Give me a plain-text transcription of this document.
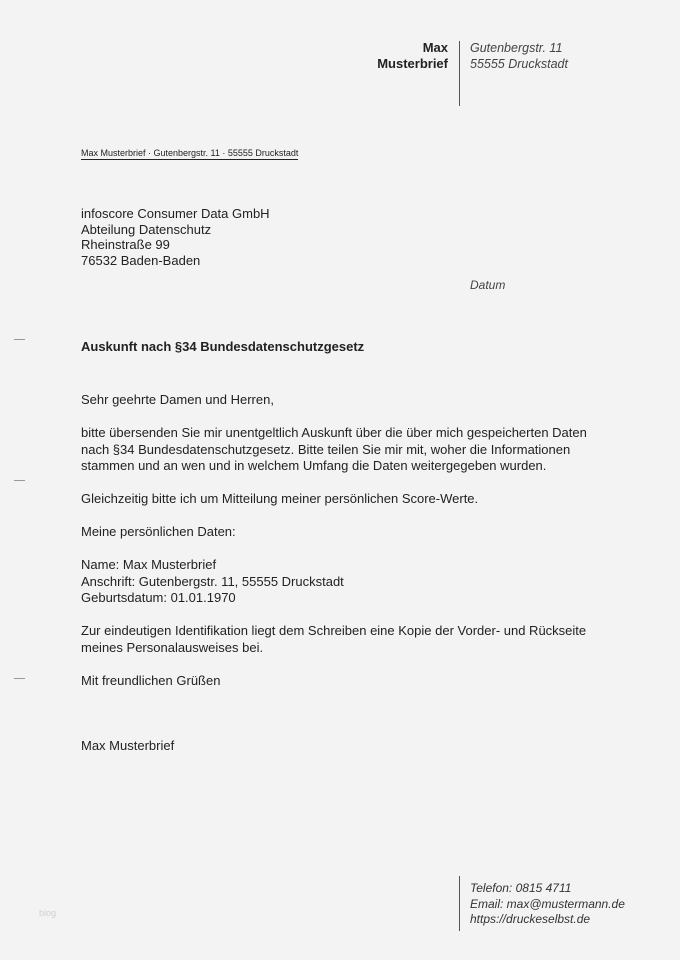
Max
Musterbrief
Gutenbergstr. 11
55555 Druckstadt
Max Musterbrief · Gutenbergstr. 11 · 55555 Druckstadt
infoscore Consumer Data GmbH
Abteilung Datenschutz
Rheinstraße 99
76532 Baden-Baden
Datum
Auskunft nach §34 Bundesdatenschutzgesetz

Sehr geehrte Damen und Herren,

bitte übersenden Sie mir unentgeltlich Auskunft über die über mich gespeicherten Daten
nach §34 Bundesdatenschutzgesetz. Bitte teilen Sie mir mit, woher die Informationen
stammen und an wen und in welchem Umfang die Daten weitergegeben wurden.

Gleichzeitig bitte ich um Mitteilung meiner persönlichen Score-Werte.

Meine persönlichen Daten:

Name: Max Musterbrief
Anschrift: Gutenbergstr. 11, 55555 Druckstadt
Geburtsdatum: 01.01.1970

Zur eindeutigen Identifikation liegt dem Schreiben eine Kopie der Vorder- und Rückseite
meines Personalausweises bei.

Mit freundlichen Grüßen

Max Musterbrief

Telefon: 0815 4711
Email: max@mustermann.de
https://druckeselbst.de
blog
